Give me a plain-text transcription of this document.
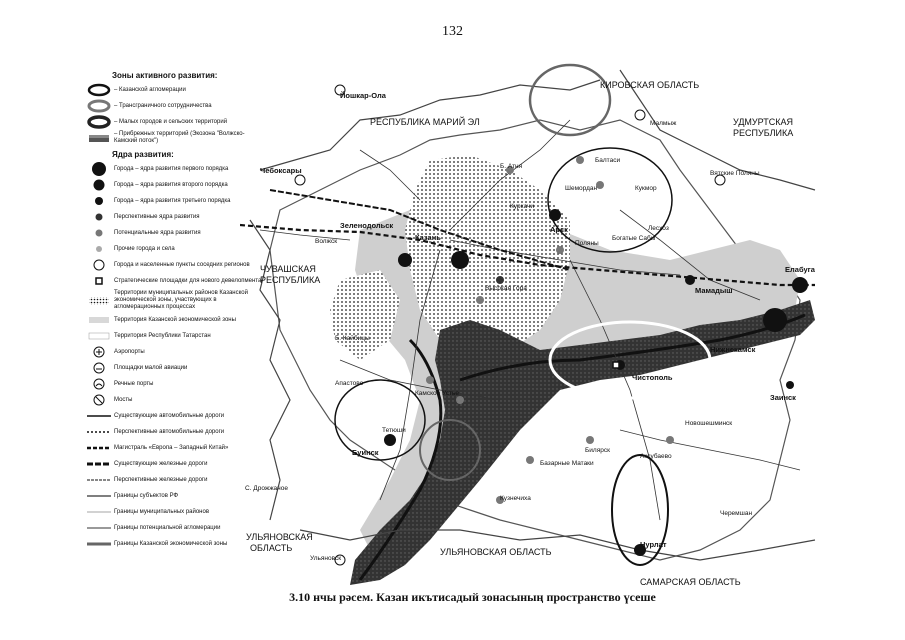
132
Зоны активного развития:
– Казанской агломерации
– Трансграничного сотрудничества
– Малых городов и сельских территорий
– Прибрежных территорий (Экозона "Волжско-Камский поток")
Ядра развития:
Города – ядра развития первого порядка
Города – ядра развития второго порядка
Города – ядра развития третьего порядка
Перспективные ядра развития
Потенциальные ядра развития
Прочие города и села
Города и населенные пункты соседних регионов
Стратегические площадки для нового девелопмента
Территории муниципальных районов Казанской экономической зоны, участвующих в агломерационных процессах
Территория Казанской экономической зоны
Территория Республики Татарстан
Аэропорты
Площадки малой авиации
Речные порты
Мосты
Существующие автомобильные дороги
Перспективные автомобильные дороги
Магистраль «Европа – Западный Китай»
Существующие железные дороги
Перспективные железные дороги
Границы субъектов РФ
Границы муниципальных районов
Границы потенциальной агломерации
Границы Казанской экономической зоны
КИРОВСКАЯ ОБЛАСТЬ
УДМУРТСКАЯ
РЕСПУБЛИКА
РЕСПУБЛИКА МАРИЙ ЭЛ
ЧУВАШСКАЯ
РЕСПУБЛИКА
УЛЬЯНОВСКАЯ
ОБЛАСТЬ	УЛЬЯНОВСКАЯ ОБЛАСТЬ
САМАРСКАЯ ОБЛАСТЬ
Казань
Зеленодольск
Мамадыш
Елабуга
Нижнекамск
Чистополь
Заинск
Буинск
Нурлат
Арск
Чебоксары
Йошкар-Ола
Волжск
Малмыж
Вятские Поляны
Б. Атня
Балтаси
Кукмор
Шемордан
Куркачи
Лесхоз
Поляны
Богатые Сабы
Б. Кайбицы
Апастово
Камское Устье
Тетюши
С. Дрожжаное
Ульяновск
Кузнечиха
Базарные Матаки
Билярск
Аксубаево
Новошешминск
Черемшан
Высокая Гора
3.10 нчы рәсем. Казан икътисадый зонасының пространство үсеше
